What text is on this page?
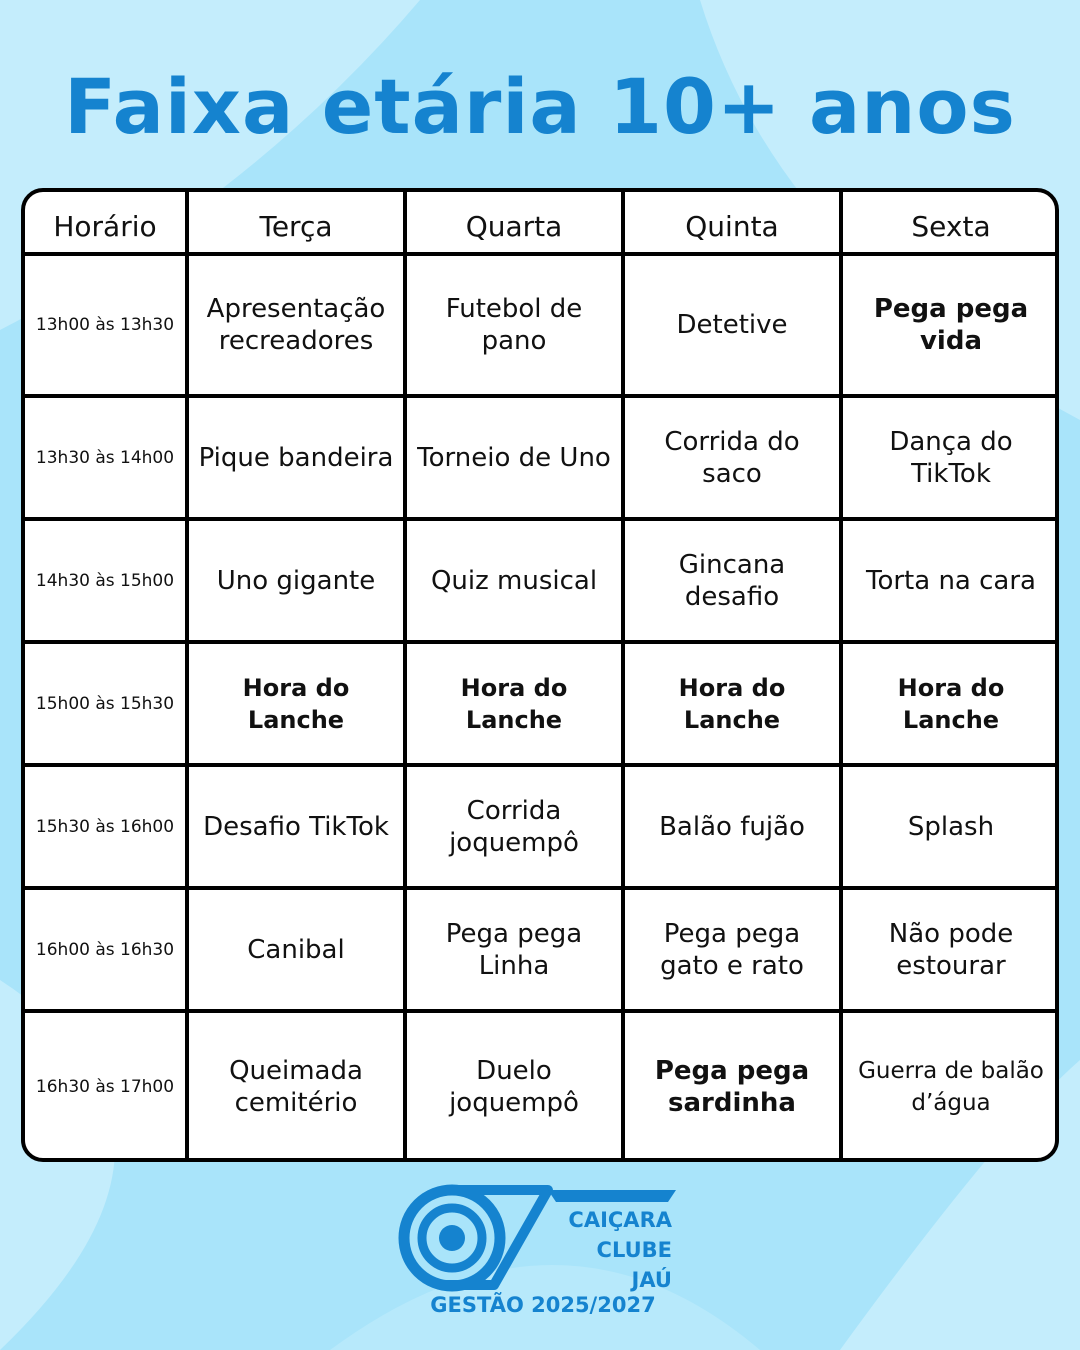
Faixa etária 10+ anos
Horário	Terça	Quarta	Quinta	Sexta
13h00 às 13h30	Apresentação recreadores	Futebol de pano	Detetive	Pega pega vida
13h30 às 14h00	Pique bandeira	Torneio de Uno	Corrida do saco	Dança do TikTok
14h30 às 15h00	Uno gigante	Quiz musical	Gincana desafio	Torta na cara
15h00 às 15h30	Hora do Lanche	Hora do Lanche	Hora do Lanche	Hora do Lanche
15h30 às 16h00	Desafio TikTok	Corrida joquempô	Balão fujão	Splash
16h00 às 16h30	Canibal	Pega pega Linha	Pega pega gato e rato	Não pode estourar
16h30 às 17h00	Queimada cemitério	Duelo joquempô	Pega pega sardinha	Guerra de balão d’água
CAIÇARA
CLUBE
JAÚ
GESTÃO 2025/2027
